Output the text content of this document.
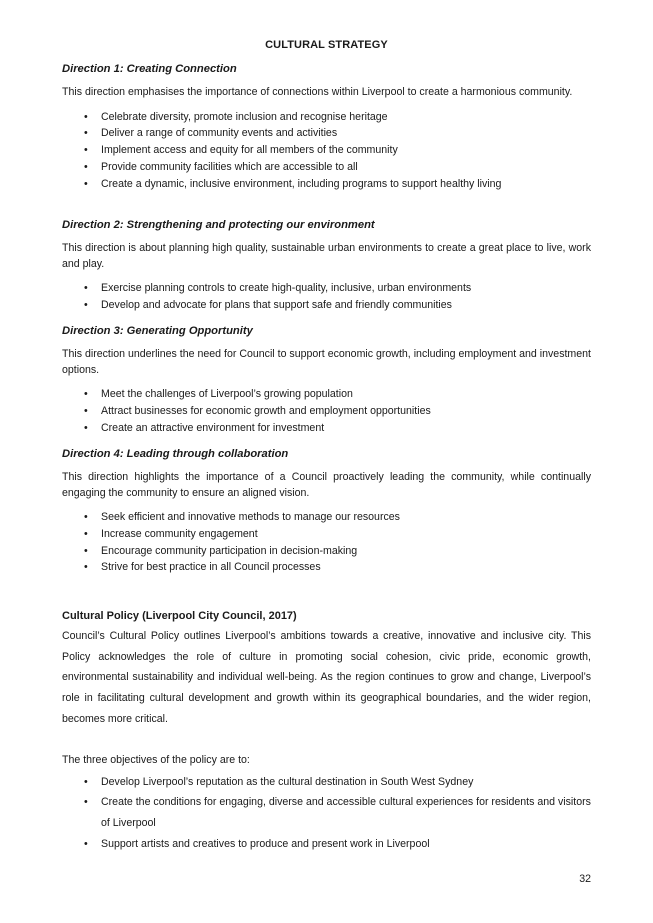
CULTURAL STRATEGY
Direction 1: Creating Connection

This direction emphasises the importance of connections within Liverpool to create a harmonious community.

• Celebrate diversity, promote inclusion and recognise heritage
• Deliver a range of community events and activities
• Implement access and equity for all members of the community
• Provide community facilities which are accessible to all
• Create a dynamic, inclusive environment, including programs to support healthy living
Direction 2: Strengthening and protecting our environment

This direction is about planning high quality, sustainable urban environments to create a great place to live, work and play.

• Exercise planning controls to create high-quality, inclusive, urban environments
• Develop and advocate for plans that support safe and friendly communities
Direction 3: Generating Opportunity

This direction underlines the need for Council to support economic growth, including employment and investment options.

• Meet the challenges of Liverpool’s growing population
• Attract businesses for economic growth and employment opportunities
• Create an attractive environment for investment
Direction 4: Leading through collaboration

This direction highlights the importance of a Council proactively leading the community, while continually engaging the community to ensure an aligned vision.

• Seek efficient and innovative methods to manage our resources
• Increase community engagement
• Encourage community participation in decision-making
• Strive for best practice in all Council processes
Cultural Policy (Liverpool City Council, 2017)

Council’s Cultural Policy outlines Liverpool’s ambitions towards a creative, innovative and inclusive city. This Policy acknowledges the role of culture in promoting social cohesion, civic pride, economic growth, environmental sustainability and individual well-being. As the region continues to grow and change, Liverpool’s role in facilitating cultural development and growth within its geographical boundaries, and the wider region, becomes more critical.

The three objectives of the policy are to:

• Develop Liverpool’s reputation as the cultural destination in South West Sydney
• Create the conditions for engaging, diverse and accessible cultural experiences for residents and visitors of Liverpool
• Support artists and creatives to produce and present work in Liverpool
32
